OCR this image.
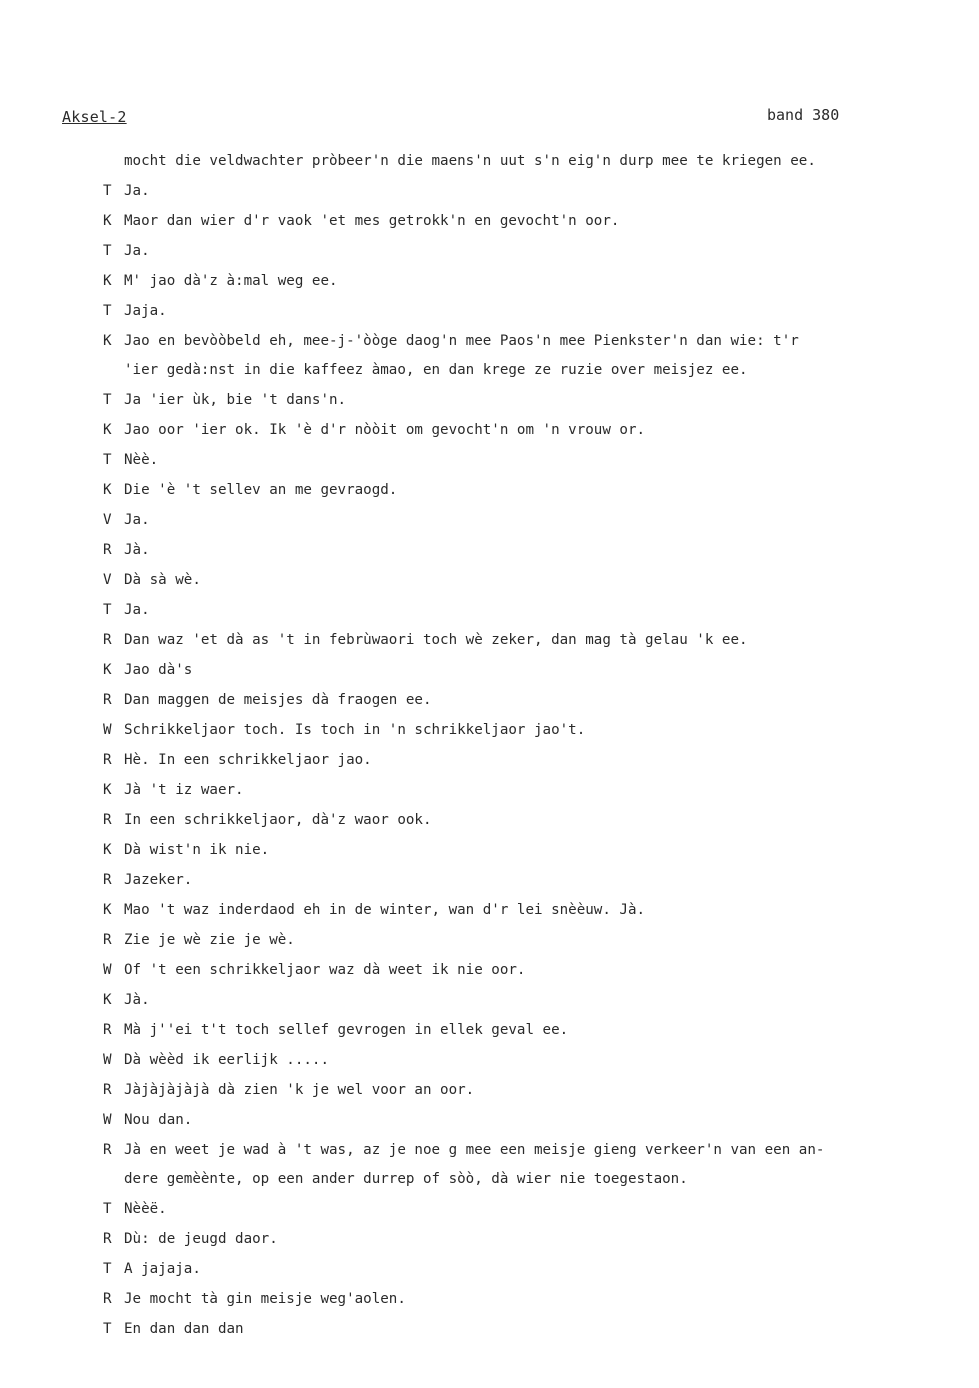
Aksel-2	band 380
mocht die veldwachter pròbeer'n die maens'n uut s'n eig'n durp mee te kriegen ee.
T Ja.
K Maor dan wier d'r vaok 'et mes getrokk'n en gevocht'n oor.
T Ja.
K M' jao dà'z à:mal weg ee.
T Jaja.
K Jao en bevòòbeld eh, mee-j-'òòge daog'n mee Paos'n mee Pienkster'n dan wie: t'r
'ier gedà:nst in die kaffeez àmao, en dan krege ze ruzie over meisjez ee.
T Ja 'ier ùk, bie 't dans'n.
K Jao oor 'ier ok. Ik 'è d'r nòòit om gevocht'n om 'n vrouw or.
T Nèè.
K Die 'è 't sellev an me gevraogd.
V Ja.
R Jà.
V Dà sà wè.
T Ja.
R Dan waz 'et dà as 't in febrùwaori toch wè zeker, dan mag tà gelau 'k ee.
K Jao dà's
R Dan maggen de meisjes dà fraogen ee.
W Schrikkeljaor toch. Is toch in 'n schrikkeljaor jao't.
R Hè. In een schrikkeljaor jao.
K Jà 't iz waer.
R In een schrikkeljaor, dà'z waor ook.
K Dà wist'n ik nie.
R Jazeker.
K Mao 't waz inderdaod eh in de winter, wan d'r lei snèèuw. Jà.
R Zie je wè zie je wè.
W Of 't een schrikkeljaor waz dà weet ik nie oor.
K Jà.
R Mà j''ei t't toch sellef gevrogen in ellek geval ee.
W Dà wèèd ik eerlijk .....
R Jàjàjàjàjà dà zien 'k je wel voor an oor.
W Nou dan.
R Jà en weet je wad à 't was, az je noe g mee een meisje gieng verkeer'n van een an-
dere gemèènte, op een ander durrep of sòò, dà wier nie toegestaon.
T Nèèë.
R Dù: de jeugd daor.
T A jajaja.
R Je mocht tà gin meisje weg'aolen.
T En dan dan dan
